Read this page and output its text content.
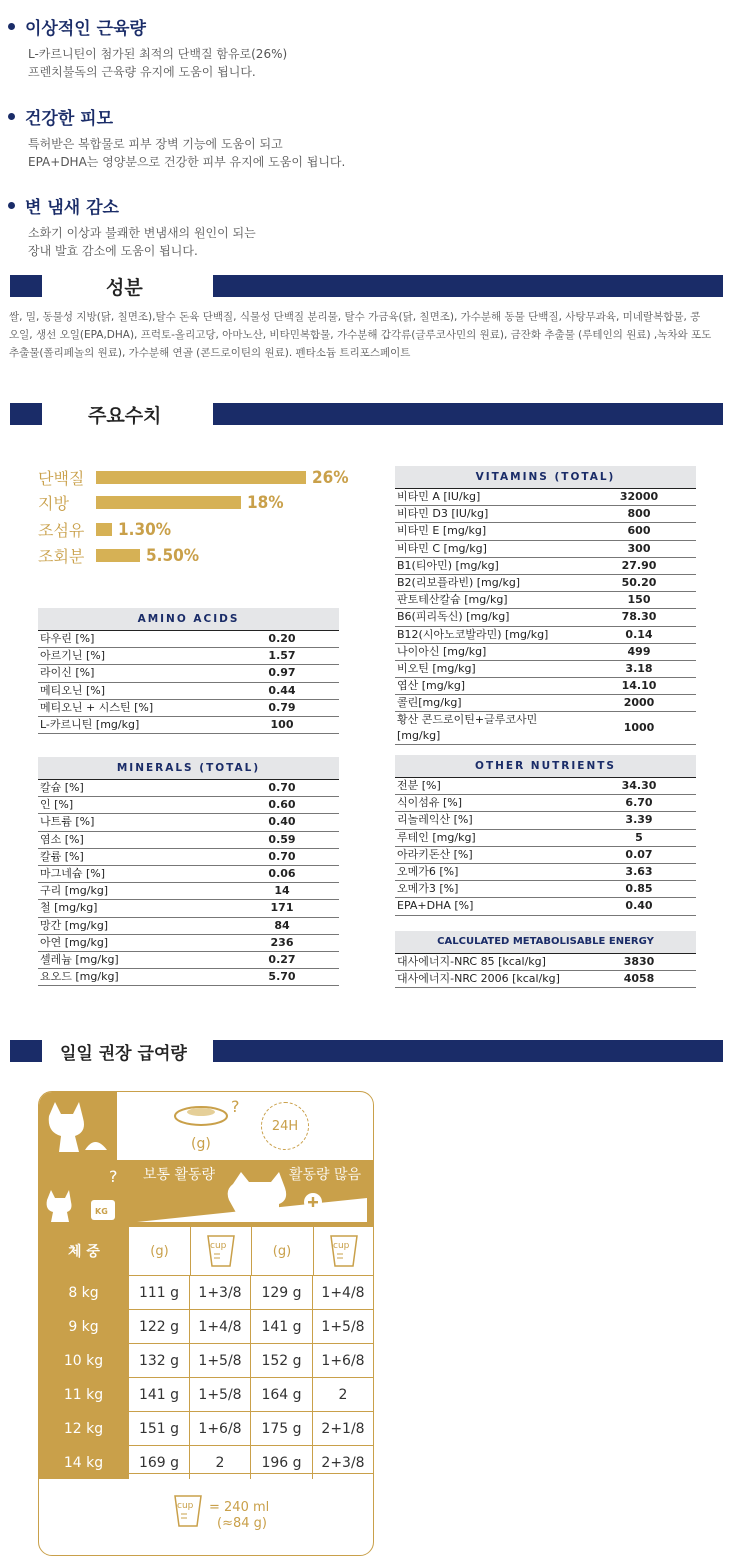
이상적인 근육량
L-카르니틴이 첨가된 최적의 단백질 함유로(26%)
프렌치불독의 근육량 유지에 도움이 됩니다.
건강한 피모
특허받은 복합물로 피부 장벽 기능에 도움이 되고
EPA+DHA는 영양분으로 건강한 피부 유지에 도움이 됩니다.
변 냄새 감소
소화기 이상과 불쾌한 변냄새의 원인이 되는
장내 발효 감소에 도움이 됩니다.
성분
쌀, 밀, 동물성 지방(닭, 칠면조),탈수 돈육 단백질, 식물성 단백질 분리물, 탈수 가금육(닭, 칠면조), 가수분해 동물 단백질, 사탕무과육, 미네랄복합물, 콩
오일, 생선 오일(EPA,DHA), 프럭토-올리고당, 아마노산, 비타민복합물, 가수분해 갑각류(글루코사민의 원료), 금잔화 추출물 (루테인의 원료) ,녹차와 포도
추출물(폴리페놀의 원료), 가수분해 연골 (콘드로이틴의 원료). 펜타소듐 트리포스페이트
주요수치
단백질	26%
지방	18%
조섬유	1.30%
조회분	5.50%
AMINO ACIDS
타우린 [%]	0.20
아르기닌 [%]	1.57
라이신 [%]	0.97
메티오닌 [%]	0.44
메티오닌 + 시스틴 [%]	0.79
L-카르니틴 [mg/kg]	100
MINERALS (TOTAL)
칼슘 [%]	0.70
인 [%]	0.60
나트륨 [%]	0.40
염소 [%]	0.59
칼륨 [%]	0.70
마그네슘 [%]	0.06
구리 [mg/kg]	14
철 [mg/kg]	171
망간 [mg/kg]	84
아연 [mg/kg]	236
셀레늄 [mg/kg]	0.27
요오드 [mg/kg]	5.70
VITAMINS (TOTAL)
비타민 A [IU/kg]	32000
비타민 D3 [IU/kg]	800
비타민 E [mg/kg]	600
비타민 C [mg/kg]	300
B1(티아민) [mg/kg]	27.90
B2(리보플라빈) [mg/kg]	50.20
판토테산칼슘 [mg/kg]	150
B6(피리독신) [mg/kg]	78.30
B12(시아노코발라민) [mg/kg]	0.14
나이아신 [mg/kg]	499
비오틴 [mg/kg]	3.18
엽산 [mg/kg]	14.10
콜린[mg/kg]	2000
황산 콘드로이틴+글루코사민 [mg/kg]	1000
OTHER NUTRIENTS
전분 [%]	34.30
식이섬유 [%]	6.70
리놀레익산 [%]	3.39
루테인 [mg/kg]	5
아라키돈산 [%]	0.07
오메가6 [%]	3.63
오메가3 [%]	0.85
EPA+DHA [%]	0.40
CALCULATED METABOLISABLE ENERGY
대사에너지-NRC 85 [kcal/kg]	3830
대사에너지-NRC 2006 [kcal/kg]	4058
일일 권장 급여량
?
(g)
24H
KG
? 보통 활동량	활동량 많음
체 중	(g)	cup	(g)	cup
8 kg	111 g	1+3/8	129 g	1+4/8
9 kg	122 g	1+4/8	141 g	1+5/8
10 kg	132 g	1+5/8	152 g	1+6/8
11 kg	141 g	1+5/8	164 g	2
12 kg	151 g	1+6/8	175 g	2+1/8
14 kg	169 g	2	196 g	2+3/8
cup = 240 ml
(≈84 g)
